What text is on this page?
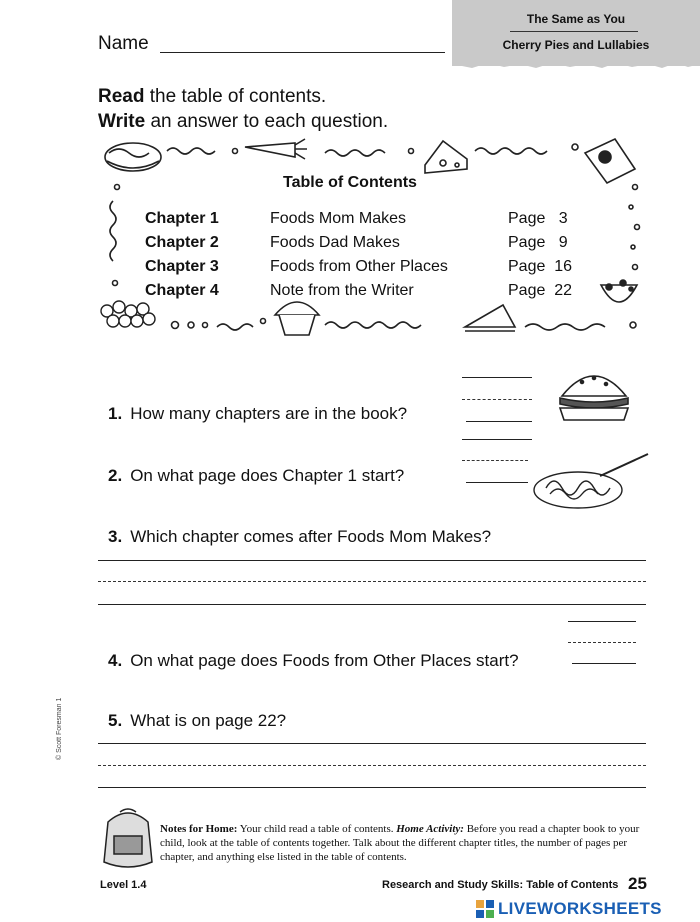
The Same as You
Cherry Pies and Lullabies
Name
Read the table of contents.
Write an answer to each question.
Table of Contents
Chapter 1	Foods Mom Makes	Page   3
Chapter 2	Foods Dad Makes	Page   9
Chapter 3	Foods from Other Places	Page  16
Chapter 4	Note from the Writer	Page  22
1. How many chapters are in the book?
2. On what page does Chapter 1 start?
3. Which chapter comes after Foods Mom Makes?
4. On what page does Foods from Other Places start?
5. What is on page 22?
© Scott Foresman 1
Notes for Home: Your child read a table of contents. Home Activity: Before you read a chapter book to your child, look at the table of contents together. Talk about the different chapter titles, the number of pages per chapter, and anything else listed in the table of contents.
Level 1.4	Research and Study Skills: Table of Contents 25
LIVEWORKSHEETS
